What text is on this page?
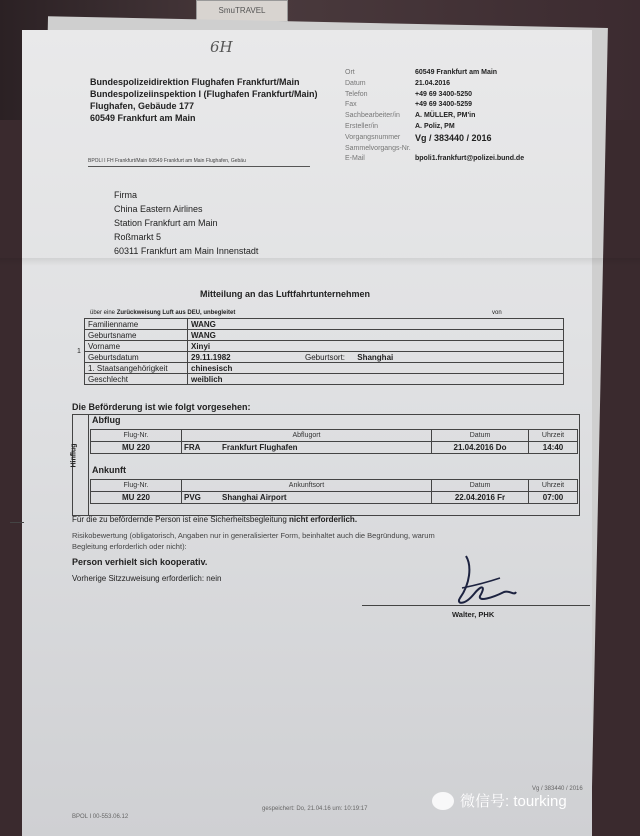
SmuTRAVEL
6H
Bundespolizeidirektion Flughafen Frankfurt/Main
Bundespolizeiinspektion I (Flughafen Frankfurt/Main)
Flughafen, Gebäude 177
60549 Frankfurt am Main
Ort	60549 Frankfurt am Main
Datum	21.04.2016
Telefon	+49 69 3400-5250
Fax	+49 69 3400-5259
Sachbearbeiter/in	A. MÜLLER, PM'in
Ersteller/in	A. Poliz, PM
Vorgangsnummer	Vg / 383440 / 2016
Sammelvorgangs-Nr.
E-Mail	bpoli1.frankfurt@polizei.bund.de
BPOLI I FH Frankfurt/Main 60549 Frankfurt am Main Flughafen, Gebäu
Firma
China Eastern Airlines
Station Frankfurt am Main
Roßmarkt 5
60311 Frankfurt am Main Innenstadt
Mitteilung an das Luftfahrtunternehmen
über eine Zurückweisung Luft aus DEU, unbegleitet	von
1
Familienname	WANG	
Geburtsname	WANG	
Vorname	Xinyi	
Geburtsdatum	29.11.1982	Geburtsort: Shanghai
1. Staatsangehörigkeit	chinesisch	
Geschlecht	weiblich	
Die Beförderung ist wie folgt vorgesehen:
Hinflug
Abflug
Flug-Nr.	Abflugort		Datum	Uhrzeit
MU 220	FRA	Frankfurt Flughafen	21.04.2016 Do	14:40
Ankunft
Flug-Nr.	Ankunftsort		Datum	Uhrzeit
MU 220	PVG	Shanghai Airport	22.04.2016 Fr	07:00
Für die zu befördernde Person ist eine Sicherheitsbegleitung nicht erforderlich.
Risikobewertung (obligatorisch, Angaben nur in generalisierter Form, beinhaltet auch die Begründung, warum
Begleitung erforderlich oder nicht):
Person verhielt sich kooperativ.
Vorherige Sitzzuweisung erforderlich: nein
Walter, PHK
BPOL I 00-553.06.12
gespeichert: Do, 21.04.16 um: 10:19:17
Vg / 383440 / 2016
微信号: tourking
